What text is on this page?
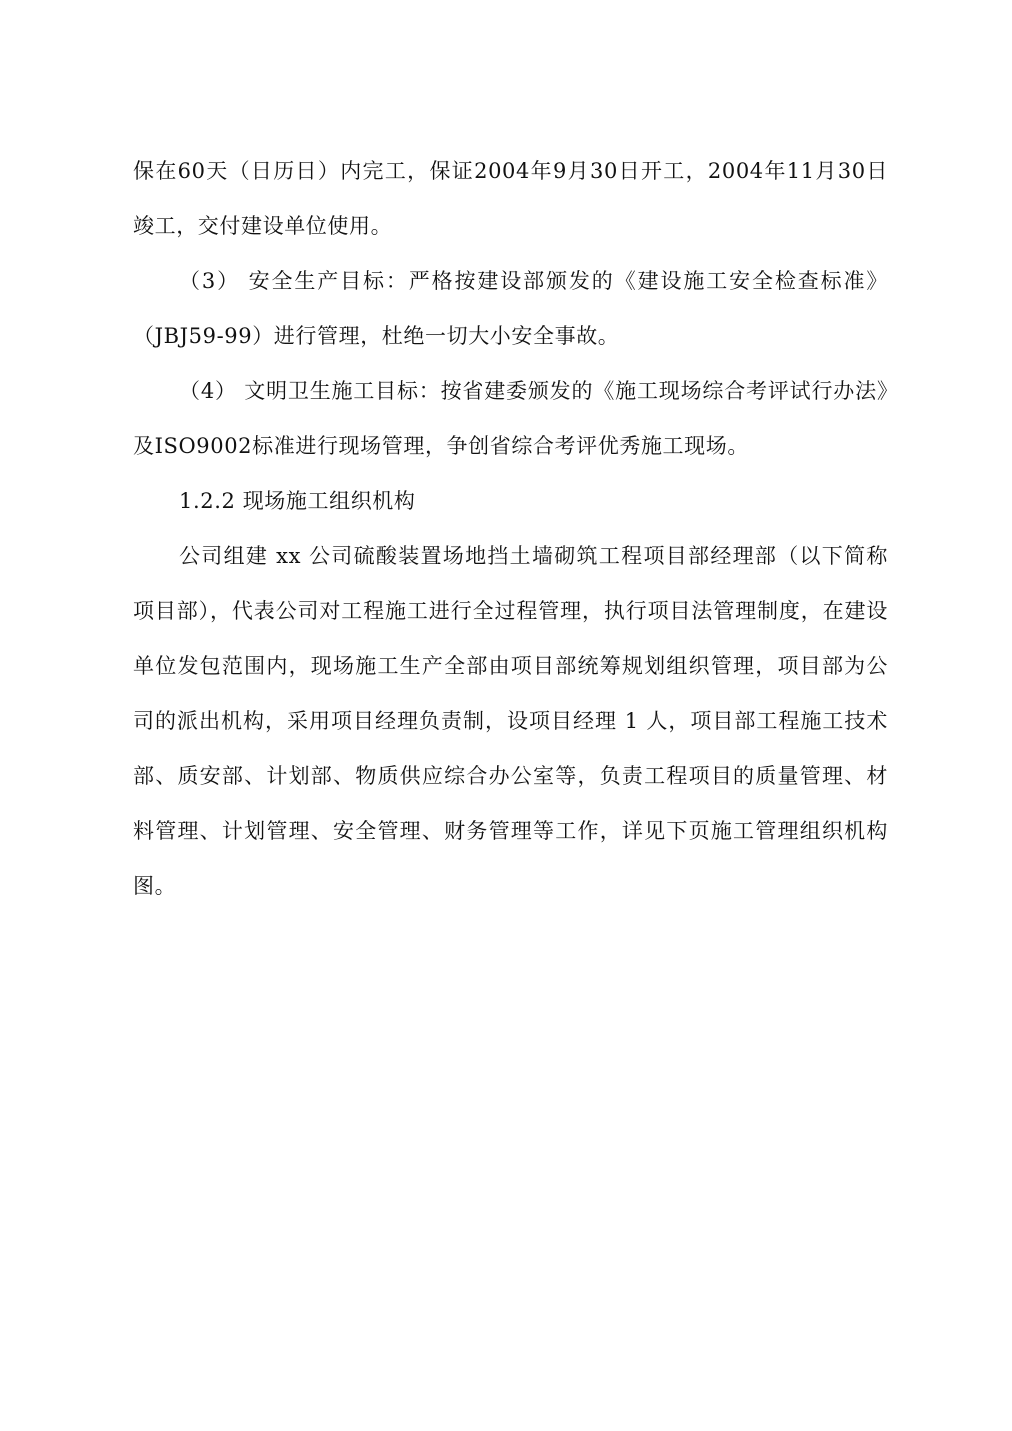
保在60天（日历日）内完工，保证2004年9月30日开工，2004年11月30日竣工，交付建设单位使用。

（3） 安全生产目标：严格按建设部颁发的《建设施工安全检查标准》（JBJ59-99）进行管理，杜绝一切大小安全事故。

（4） 文明卫生施工目标：按省建委颁发的《施工现场综合考评试行办法》及ISO9002标准进行现场管理，争创省综合考评优秀施工现场。

1.2.2 现场施工组织机构

公司组建 xx 公司硫酸装置场地挡土墙砌筑工程项目部经理部（以下简称项目部），代表公司对工程施工进行全过程管理，执行项目法管理制度，在建设单位发包范围内，现场施工生产全部由项目部统筹规划组织管理，项目部为公司的派出机构，采用项目经理负责制，设项目经理 1 人，项目部工程施工技术部、质安部、计划部、物质供应综合办公室等，负责工程项目的质量管理、材料管理、计划管理、安全管理、财务管理等工作，详见下页施工管理组织机构图。
